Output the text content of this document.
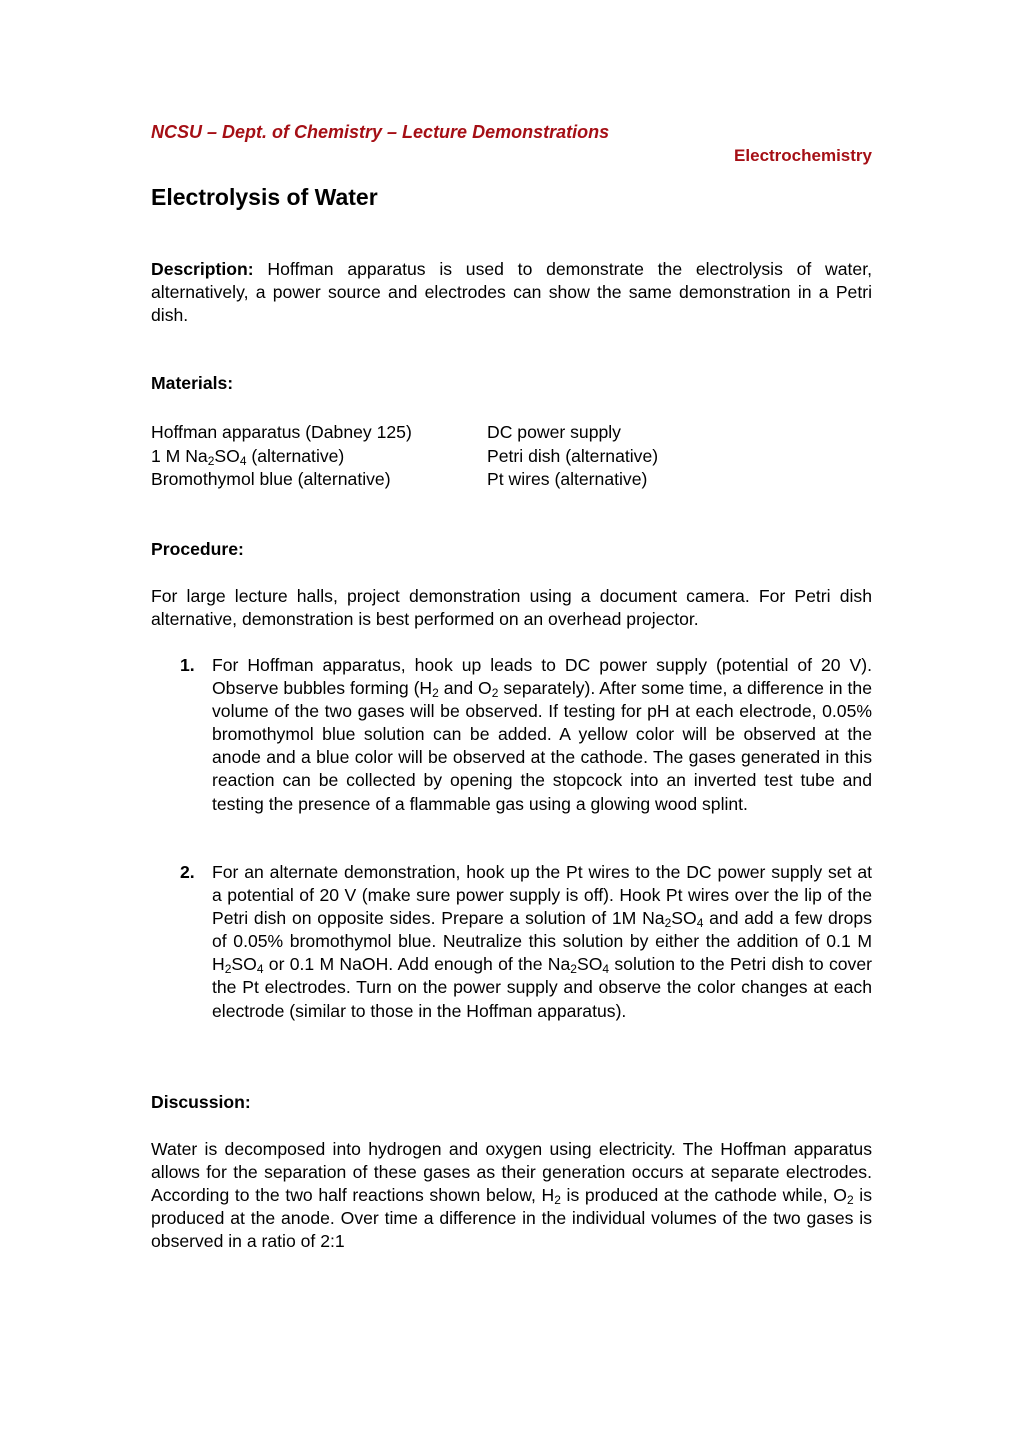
NCSU – Dept. of Chemistry – Lecture Demonstrations
Electrochemistry
Electrolysis of Water

Description: Hoffman apparatus is used to demonstrate the electrolysis of water, alternatively, a power source and electrodes can show the same demonstration in a Petri dish.

Materials:
Hoffman apparatus (Dabney 125)	DC power supply
1 M $Na_2SO_4$ (alternative)	Petri dish (alternative)
Bromothymol blue (alternative)	Pt wires (alternative)
Procedure:

For large lecture halls, project demonstration using a document camera. For Petri dish alternative, demonstration is best performed on an overhead projector.

1. For Hoffman apparatus, hook up leads to DC power supply (potential of 20 V). Observe bubbles forming ($H_2$ and $O_2$ separately). After some time, a difference in the volume of the two gases will be observed. If testing for pH at each electrode, 0.05% bromothymol blue solution can be added. A yellow color will be observed at the anode and a blue color will be observed at the cathode. The gases generated in this reaction can be collected by opening the stopcock into an inverted test tube and testing the presence of a flammable gas using a glowing wood splint.
2. For an alternate demonstration, hook up the Pt wires to the DC power supply set at a potential of 20 V (make sure power supply is off). Hook Pt wires over the lip of the Petri dish on opposite sides. Prepare a solution of 1M $Na_2SO_4$ and add a few drops of 0.05% bromothymol blue. Neutralize this solution by either the addition of 0.1 M $H_2SO_4$ or 0.1 M NaOH. Add enough of the $Na_2SO_4$ solution to the Petri dish to cover the Pt electrodes. Turn on the power supply and observe the color changes at each electrode (similar to those in the Hoffman apparatus).
Discussion:

Water is decomposed into hydrogen and oxygen using electricity. The Hoffman apparatus allows for the separation of these gases as their generation occurs at separate electrodes. According to the two half reactions shown below, $H_2$ is produced at the cathode while, $O_2$ is produced at the anode. Over time a difference in the individual volumes of the two gases is observed in a ratio of 2:1
